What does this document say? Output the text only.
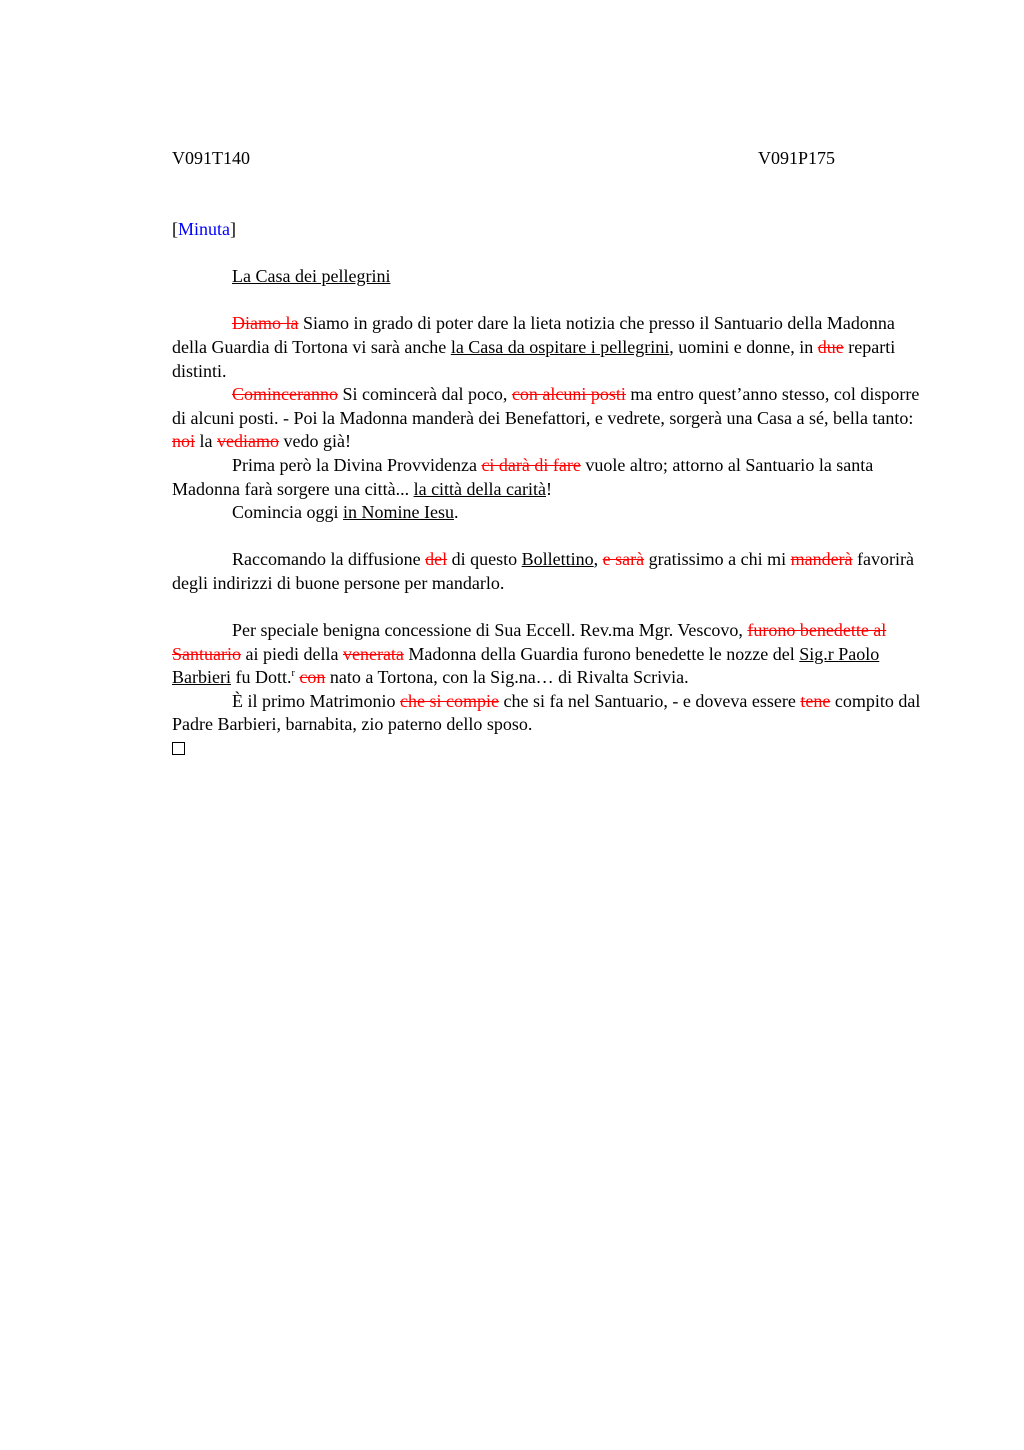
V091T140	V091P175

[Minuta]

La Casa dei pellegrini

Diamo la Siamo in grado di poter dare la lieta notizia che presso il Santuario della Madonna della Guardia di Tortona vi sarà anche la Casa da ospitare i pellegrini, uomini e donne, in due reparti distinti.

Cominceranno Si comincerà dal poco, con alcuni posti ma entro quest’anno stesso, col disporre di alcuni posti. - Poi la Madonna manderà dei Benefattori, e vedrete, sorgerà una Casa a sé, bella tanto: noi la vediamo vedo già!

Prima però la Divina Provvidenza ci darà di fare vuole altro; attorno al Santuario la santa Madonna farà sorgere una città... la città della carità!

Comincia oggi in Nomine Iesu.

Raccomando la diffusione del di questo Bollettino, e sarà gratissimo a chi mi manderà favorirà degli indirizzi di buone persone per mandarlo.

Per speciale benigna concessione di Sua Eccell. Rev.ma Mgr. Vescovo, furono benedette al Santuario ai piedi della venerata Madonna della Guardia furono benedette le nozze del Sig.r Paolo Barbieri fu Dott.$^r$ con nato a Tortona, con la Sig.na… di Rivalta Scrivia.

È il primo Matrimonio che si compie che si fa nel Santuario, - e doveva essere tene compito dal Padre Barbieri, barnabita, zio paterno dello sposo.
